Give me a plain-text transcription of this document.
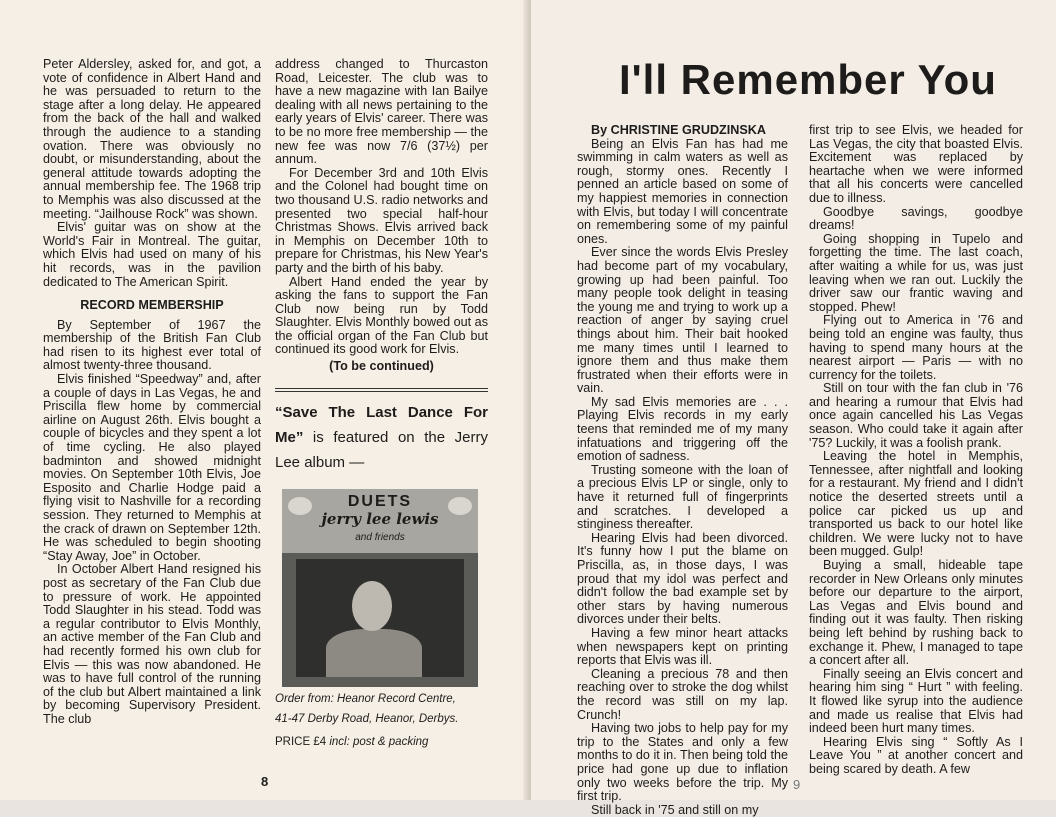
Peter Aldersley, asked for, and got, a vote of confidence in Albert Hand and he was persuaded to return to the stage after a long delay. He appeared from the back of the hall and walked through the audience to a standing ovation. There was obviously no doubt, or misunderstanding, about the general attitude towards adopting the annual membership fee. The 1968 trip to Memphis was also discussed at the meeting. “Jailhouse Rock” was shown.

Elvis' guitar was on show at the World's Fair in Montreal. The guitar, which Elvis had used on many of his hit records, was in the pavilion dedicated to The American Spirit.

RECORD MEMBERSHIP

By September of 1967 the membership of the British Fan Club had risen to its highest ever total of almost twenty-three thousand.

Elvis finished “Speedway” and, after a couple of days in Las Vegas, he and Priscilla flew home by commercial airline on August 26th. Elvis bought a couple of bicycles and they spent a lot of time cycling. He also played badminton and showed midnight movies. On September 10th Elvis, Joe Esposito and Charlie Hodge paid a flying visit to Nashville for a recording session. They returned to Memphis at the crack of drawn on September 12th. He was scheduled to begin shooting “Stay Away, Joe” in October.

In October Albert Hand resigned his post as secretary of the Fan Club due to pressure of work. He appointed Todd Slaughter in his stead. Todd was a regular contributor to Elvis Monthly, an active member of the Fan Club and had recently formed his own club for Elvis — this was now abandoned. He was to have full control of the running of the club but Albert maintained a link by becoming Supervisory President. The club

address changed to Thurcaston Road, Leicester. The club was to have a new magazine with Ian Bailye dealing with all news pertaining to the early years of Elvis' career. There was to be no more free membership — the new fee was now 7/6 (37½) per annum.

For December 3rd and 10th Elvis and the Colonel had bought time on two thousand U.S. radio networks and presented two special half-hour Christmas Shows. Elvis arrived back in Memphis on December 10th to prepare for Christmas, his New Year's party and the birth of his baby.

Albert Hand ended the year by asking the fans to support the Fan Club now being run by Todd Slaughter. Elvis Monthly bowed out as the official organ of the Fan Club but continued its good work for Elvis.

(To be continued)
“Save The Last Dance For Me” is featured on the Jerry Lee album —
DUETS
jerry lee lewis
and friends
Order from: Heanor Record Centre,
41-47 Derby Road, Heanor, Derbys.
PRICE £4 incl: post & packing
8
I'll Remember You

By CHRISTINE GRUDZINSKA

Being an Elvis Fan has had me swimming in calm waters as well as rough, stormy ones. Recently I penned an article based on some of my happiest memories in connection with Elvis, but today I will concentrate on remembering some of my painful ones.

Ever since the words Elvis Presley had become part of my vocabulary, growing up had been painful. Too many people took delight in teasing the young me and trying to work up a reaction of anger by saying cruel things about him. Their bait hooked me many times until I learned to ignore them and thus make them frustrated when their efforts were in vain.

My sad Elvis memories are . . . Playing Elvis records in my early teens that reminded me of my many infatuations and triggering off the emotion of sadness.

Trusting someone with the loan of a precious Elvis LP or single, only to have it returned full of fingerprints and scratches. I developed a stinginess thereafter.

Hearing Elvis had been divorced. It's funny how I put the blame on Priscilla, as, in those days, I was proud that my idol was perfect and didn't follow the bad example set by other stars by having numerous divorces under their belts.

Having a few minor heart attacks when newspapers kept on printing reports that Elvis was ill.

Cleaning a precious 78 and then reaching over to stroke the dog whilst the record was still on my lap. Crunch!

Having two jobs to help pay for my trip to the States and only a few months to do it in. Then being told the price had gone up due to inflation only two weeks before the trip. My first trip.

Still back in '75 and still on my

first trip to see Elvis, we headed for Las Vegas, the city that boasted Elvis. Excitement was replaced by heartache when we were informed that all his concerts were cancelled due to illness.

Goodbye savings, goodbye dreams!

Going shopping in Tupelo and forgetting the time. The last coach, after waiting a while for us, was just leaving when we ran out. Luckily the driver saw our frantic waving and stopped. Phew!

Flying out to America in '76 and being told an engine was faulty, thus having to spend many hours at the nearest airport — Paris — with no currency for the toilets.

Still on tour with the fan club in '76 and hearing a rumour that Elvis had once again cancelled his Las Vegas season. Who could take it again after '75? Luckily, it was a foolish prank.

Leaving the hotel in Memphis, Tennessee, after nightfall and looking for a restaurant. My friend and I didn't notice the deserted streets until a police car picked us up and transported us back to our hotel like children. We were lucky not to have been mugged. Gulp!

Buying a small, hideable tape recorder in New Orleans only minutes before our departure to the airport, Las Vegas and Elvis bound and finding out it was faulty. Then risking being left behind by rushing back to exchange it. Phew, I managed to tape a concert after all.

Finally seeing an Elvis concert and hearing him sing “ Hurt ” with feeling. It flowed like syrup into the audience and made us realise that Elvis had indeed been hurt many times.

Hearing Elvis sing “ Softly As I Leave You ” at another concert and being scared by death. A few

9
